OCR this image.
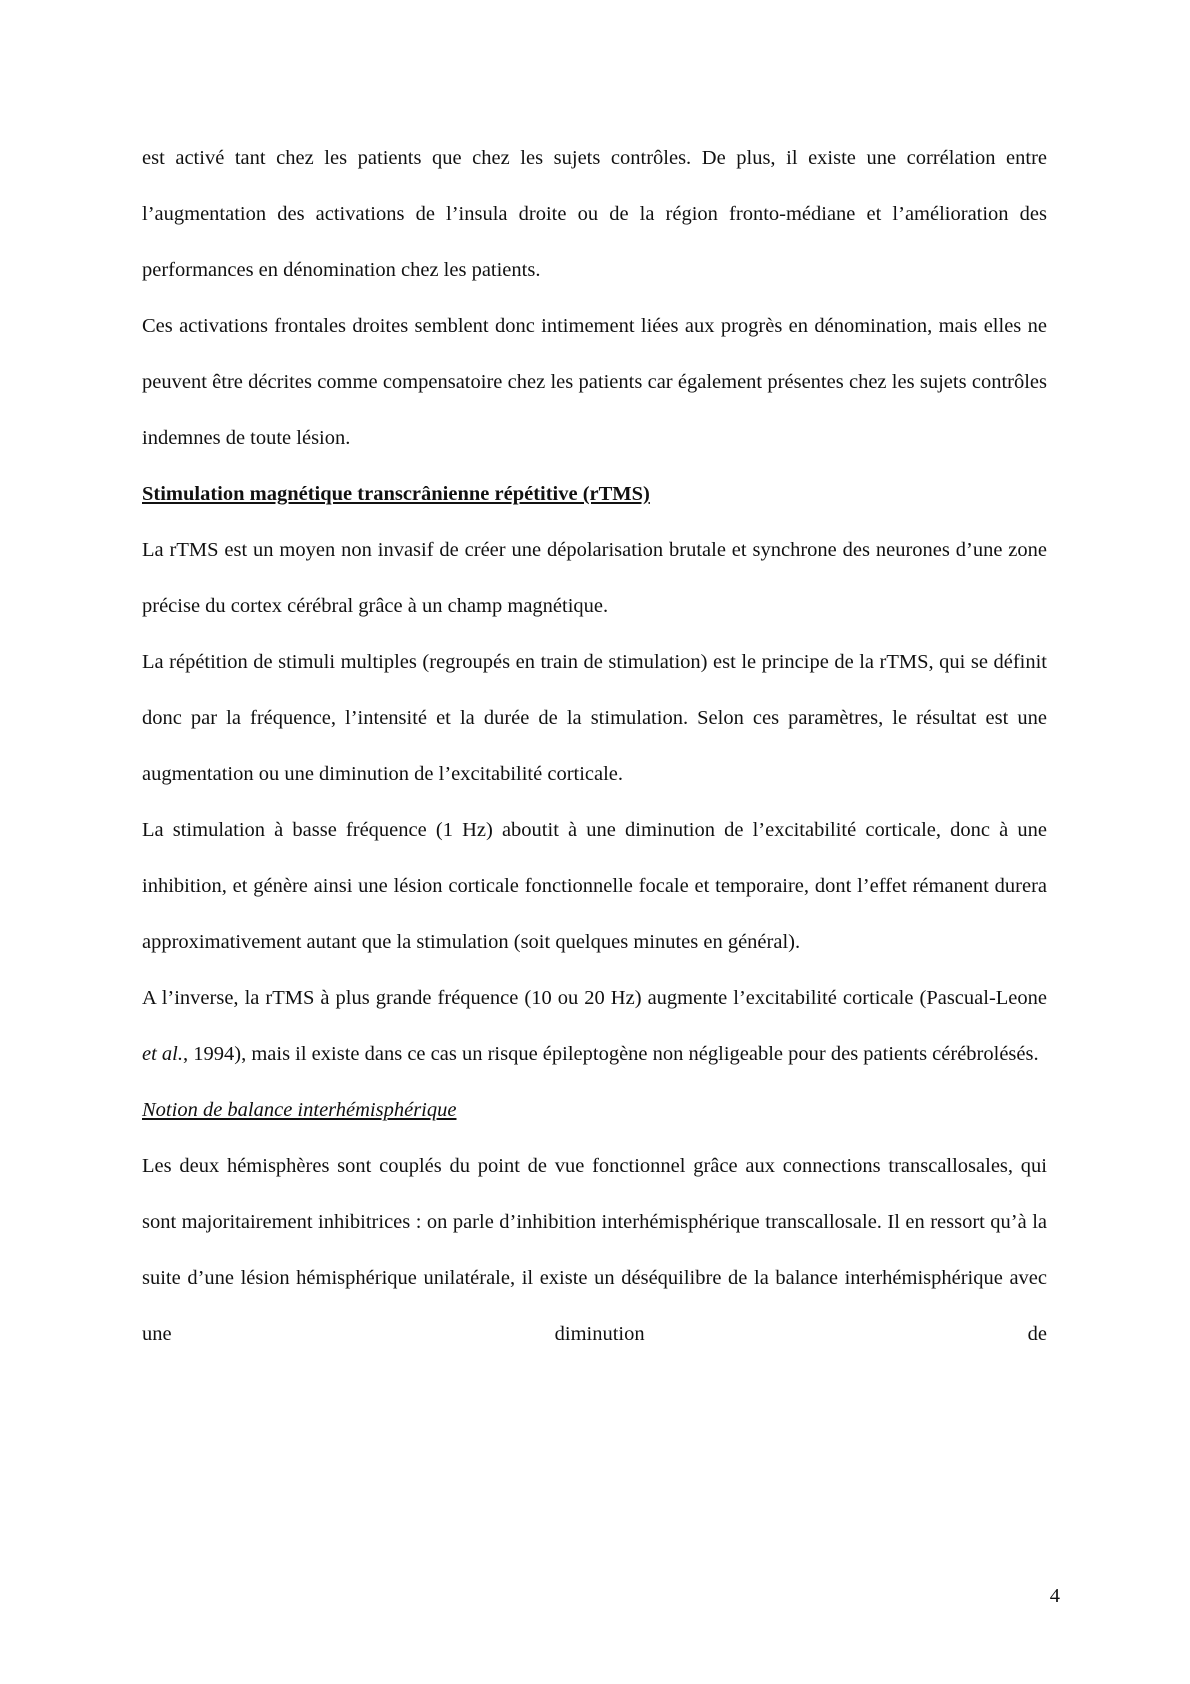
est activé tant chez les patients que chez les sujets contrôles. De plus, il existe une corrélation entre l’augmentation des activations de l’insula droite ou de la région fronto-médiane et l’amélioration des performances en dénomination chez les patients.

Ces activations frontales droites semblent donc intimement liées aux progrès en dénomination, mais elles ne peuvent être décrites comme compensatoire chez les patients car également présentes chez les sujets contrôles indemnes de toute lésion.

Stimulation magnétique transcrânienne répétitive (rTMS)

La rTMS est un moyen non invasif de créer une dépolarisation brutale et synchrone des neurones d’une zone précise du cortex cérébral grâce à un champ magnétique.

La répétition de stimuli multiples (regroupés en train de stimulation) est le principe de la rTMS, qui se définit donc par la fréquence, l’intensité et la durée de la stimulation. Selon ces paramètres, le résultat est une augmentation ou une diminution de l’excitabilité corticale.

La stimulation à basse fréquence (1 Hz) aboutit à une diminution de l’excitabilité corticale, donc à une inhibition, et génère ainsi une lésion corticale fonctionnelle focale et temporaire, dont l’effet rémanent durera approximativement autant que la stimulation (soit quelques minutes en général).

A l’inverse, la rTMS à plus grande fréquence (10 ou 20 Hz) augmente l’excitabilité corticale (Pascual-Leone et al., 1994), mais il existe dans ce cas un risque épileptogène non négligeable pour des patients cérébrolésés.

Notion de balance interhémisphérique

Les deux hémisphères sont couplés du point de vue fonctionnel grâce aux connections transcallosales, qui sont majoritairement inhibitrices : on parle d’inhibition interhémisphérique transcallosale. Il en ressort qu’à la suite d’une lésion hémisphérique unilatérale, il existe un déséquilibre de la balance interhémisphérique avec une diminution de

4
